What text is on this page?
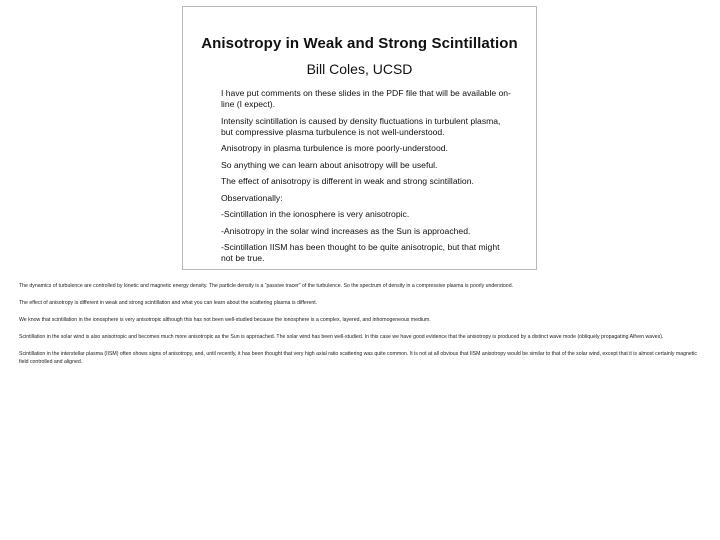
Anisotropy in Weak and Strong Scintillation
Bill Coles, UCSD
I have put comments on these slides in the PDF file that will be available on-line (I expect).
Intensity scintillation is caused by density fluctuations in turbulent plasma, but compressive plasma turbulence is not well-understood.
Anisotropy in plasma turbulence is more poorly-understood.
So anything we can learn about anisotropy will be useful.
The effect of anisotropy is different in weak and strong scintillation.
Observationally:
-Scintillation in the ionosphere is very anisotropic.
-Anisotropy in the solar wind increases as the Sun is approached.
-Scintillation IISM has been thought to be quite anisotropic, but that might not be true.

The dynamics of turbulence are controlled by kinetic and magnetic energy density. The particle density is a “passive tracer” of the turbulence. So the spectrum of density in a compressive plasma is poorly understood.

The effect of anisotropy is different in weak and strong scintillation and what you can learn about the scattering plasma is different.

We know that scintillation in the ionosphere is very anisotropic although this has not been well-studied because the ionosphere is a complex, layered, and inhomogeneous medium.

Scintillation in the solar wind is also anisotropic and becomes much more anisotropic as the Sun is approached. The solar wind has been well-studied. In this case we have good evidence that the anisotropy is produced by a distinct wave mode (obliquely propagating Alfven waves).

Scintillation in the interstellar plasma (IISM) often shows signs of anisotropy, and, until recently, it has been thought that very high axial ratio scattering was quite common. It is not at all obvious that IISM anisotropy would be similar to that of the solar wind, except that it is almost certainly magnetic field controlled and aligned.
